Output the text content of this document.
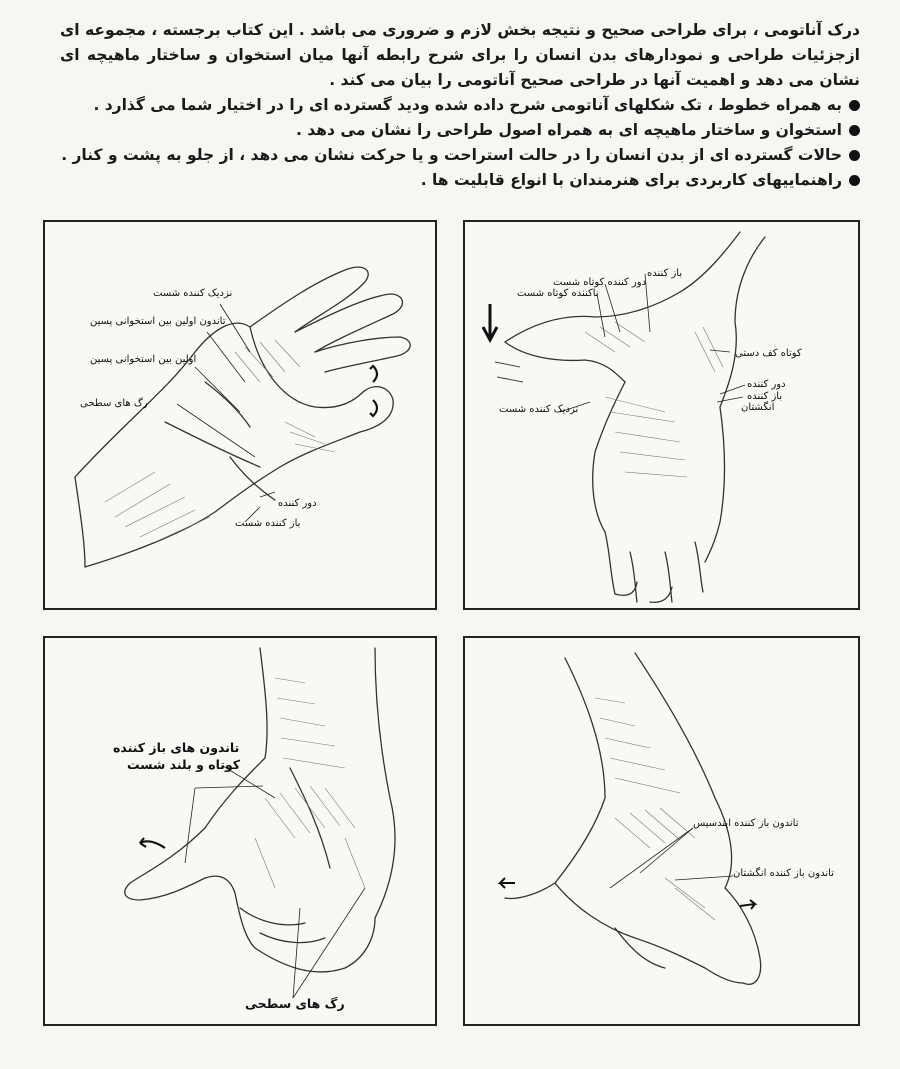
درک آناتومی ، برای طراحی صحیح و نتیجه بخش لازم و ضروری می باشد . این کتاب برجسته ، مجموعه ای ازجزئیات طراحی و نمودارهای بدن انسان را برای شرح رابطه آنها میان استخوان و ساختار ماهیچه ای نشان می دهد و اهمیت آنها در طراحی صحیح آناتومی را بیان می کند .

به همراه خطوط ، تک شکلهای آناتومی شرح داده شده ودید گسترده ای را در اختیار شما می گذارد .
استخوان و ساختار ماهیچه ای به همراه اصول طراحی را نشان می دهد .
حالات گسترده ای از بدن انسان را در حالت استراحت و یا حرکت نشان می دهد ، از جلو به پشت و کنار .
راهنماییهای کاربردی برای هنرمندان با انواع قابلیت ها .
نزدیک کننده شست
تاندون اولین بین استخوانی پسین
اولین بین استخوانی پسین
رگ های سطحی
دور کننده
باز کننده شست
باز کننده
دور کننده کوتاه شست
ناکننده کوتاه شست
کوتاه کف دستی
دور کننده
باز کننده
انگشتان
نزدیک کننده شست
تاندون های باز کننده
کوتاه و بلند شست
رگ های سطحی
تاندون باز کننده ایندسیس
تاندون باز کننده انگشتان
